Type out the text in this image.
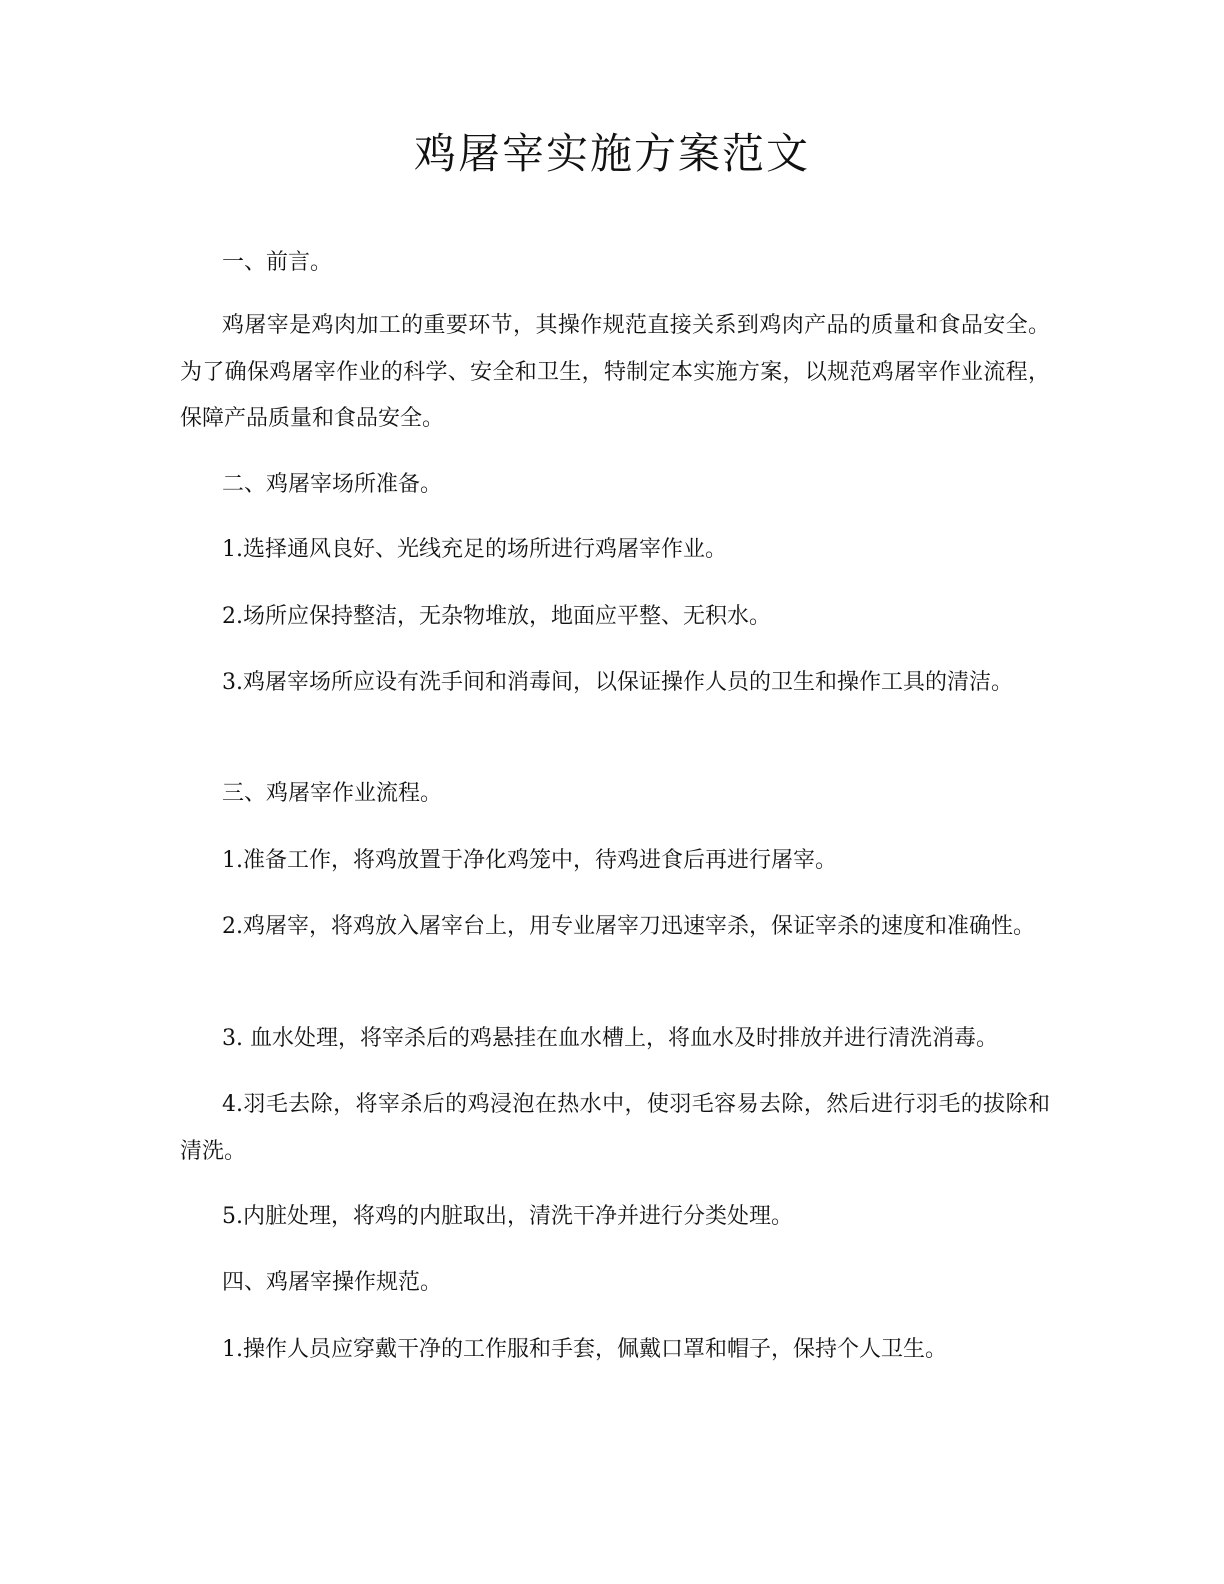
鸡屠宰实施方案范文

一、前言。

鸡屠宰是鸡肉加工的重要环节，其操作规范直接关系到鸡肉产品的质量和食品安全。为了确保鸡屠宰作业的科学、安全和卫生，特制定本实施方案，以规范鸡屠宰作业流程，保障产品质量和食品安全。

二、鸡屠宰场所准备。

1.选择通风良好、光线充足的场所进行鸡屠宰作业。

2.场所应保持整洁，无杂物堆放，地面应平整、无积水。

3.鸡屠宰场所应设有洗手间和消毒间，以保证操作人员的卫生和操作工具的清洁。

三、鸡屠宰作业流程。

1.准备工作，将鸡放置于净化鸡笼中，待鸡进食后再进行屠宰。

2.鸡屠宰，将鸡放入屠宰台上，用专业屠宰刀迅速宰杀，保证宰杀的速度和准确性。

3. 血水处理，将宰杀后的鸡悬挂在血水槽上，将血水及时排放并进行清洗消毒。

4.羽毛去除，将宰杀后的鸡浸泡在热水中，使羽毛容易去除，然后进行羽毛的拔除和清洗。

5.内脏处理，将鸡的内脏取出，清洗干净并进行分类处理。

四、鸡屠宰操作规范。

1.操作人员应穿戴干净的工作服和手套，佩戴口罩和帽子，保持个人卫生。
